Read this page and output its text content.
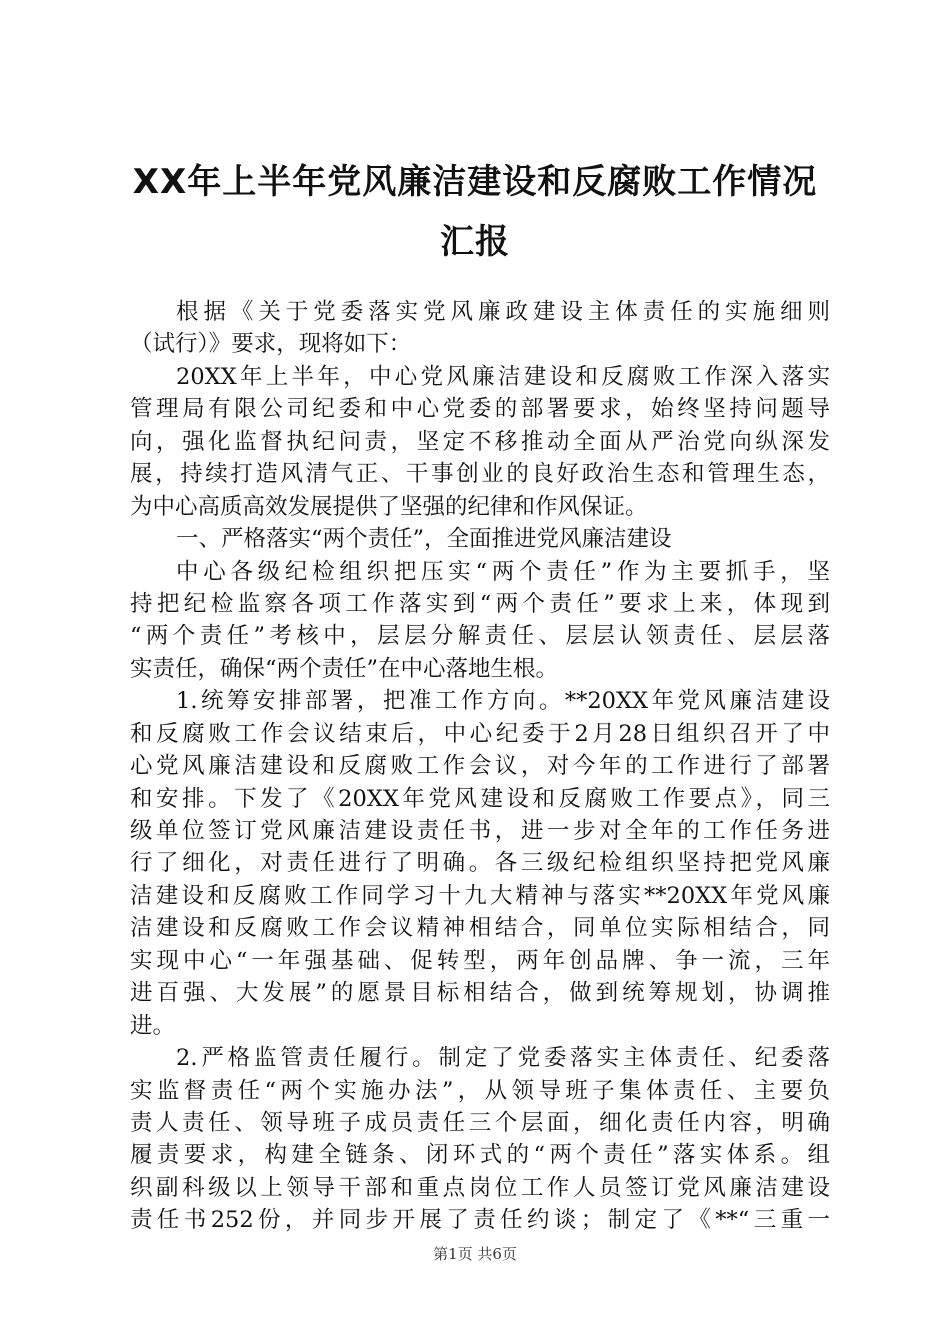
XX年上半年党风廉洁建设和反腐败工作情况
汇报
根据《关于党委落实党风廉政建设主体责任的实施细则
（试行）》要求，现将如下：
20XX年上半年，中心党风廉洁建设和反腐败工作深入落实
管理局有限公司纪委和中心党委的部署要求，始终坚持问题导
向，强化监督执纪问责，坚定不移推动全面从严治党向纵深发
展，持续打造风清气正、干事创业的良好政治生态和管理生态，
为中心高质高效发展提供了坚强的纪律和作风保证。
一、严格落实“两个责任”，全面推进党风廉洁建设
中心各级纪检组织把压实“两个责任”作为主要抓手，坚
持把纪检监察各项工作落实到“两个责任”要求上来，体现到
“两个责任”考核中，层层分解责任、层层认领责任、层层落
实责任，确保“两个责任”在中心落地生根。
1.统筹安排部署，把准工作方向。**20XX年党风廉洁建设
和反腐败工作会议结束后，中心纪委于2月28日组织召开了中
心党风廉洁建设和反腐败工作会议，对今年的工作进行了部署
和安排。下发了《20XX年党风建设和反腐败工作要点》，同三
级单位签订党风廉洁建设责任书，进一步对全年的工作任务进
行了细化，对责任进行了明确。各三级纪检组织坚持把党风廉
洁建设和反腐败工作同学习十九大精神与落实**20XX年党风廉
洁建设和反腐败工作会议精神相结合，同单位实际相结合，同
实现中心“一年强基础、促转型，两年创品牌、争一流，三年
进百强、大发展”的愿景目标相结合，做到统筹规划，协调推
进。
2.严格监管责任履行。制定了党委落实主体责任、纪委落
实监督责任“两个实施办法”，从领导班子集体责任、主要负
责人责任、领导班子成员责任三个层面，细化责任内容，明确
履责要求，构建全链条、闭环式的“两个责任”落实体系。组
织副科级以上领导干部和重点岗位工作人员签订党风廉洁建设
责任书252份，并同步开展了责任约谈；制定了《**“三重一
第1页 共6页
